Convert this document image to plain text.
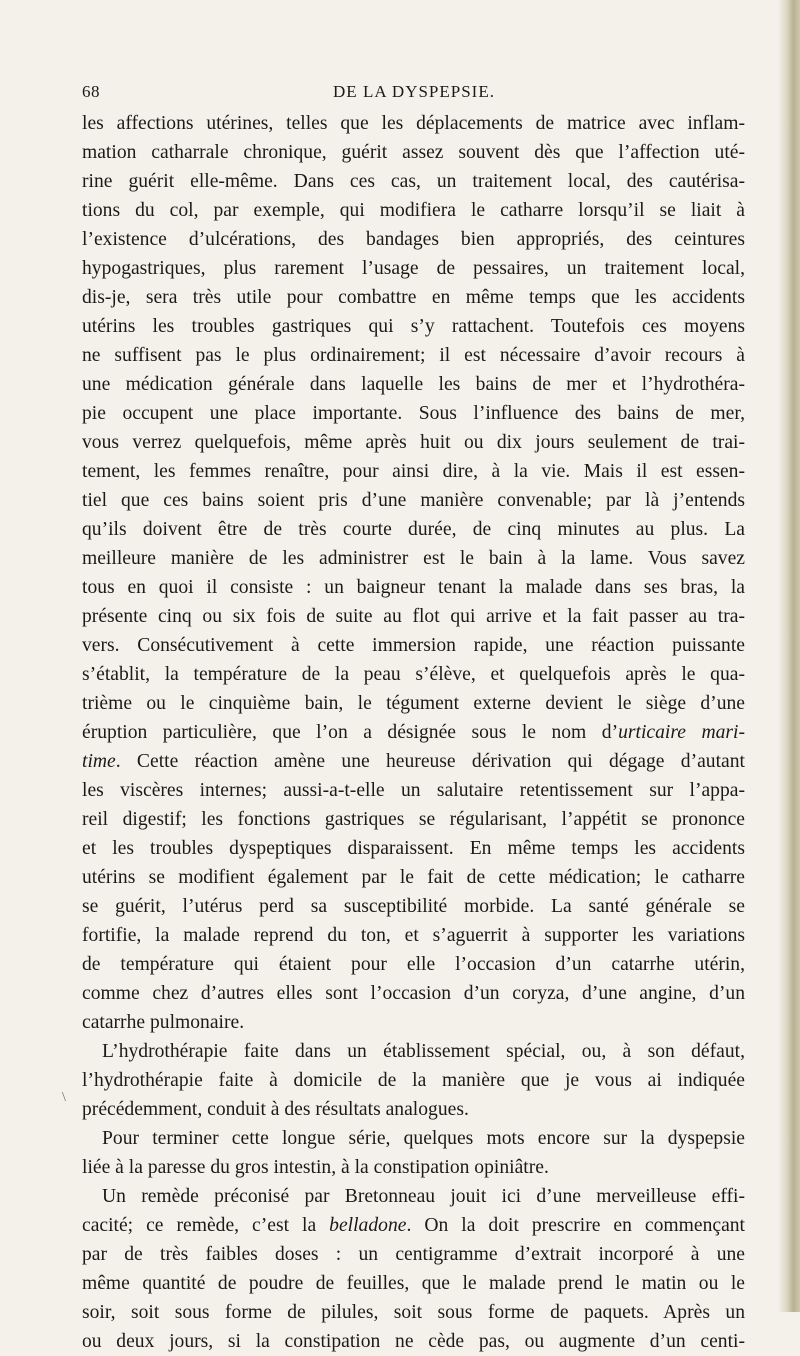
68	DE LA DYSPEPSIE.
les affections utérines, telles que les déplacements de matrice avec inflam-
mation catharrale chronique, guérit assez souvent dès que l’affection uté-
rine guérit elle-même. Dans ces cas, un traitement local, des cautérisa-
tions du col, par exemple, qui modifiera le catharre lorsqu’il se liait à
l’existence d’ulcérations, des bandages bien appropriés, des ceintures
hypogastriques, plus rarement l’usage de pessaires, un traitement local,
dis-je, sera très utile pour combattre en même temps que les accidents
utérins les troubles gastriques qui s’y rattachent. Toutefois ces moyens
ne suffisent pas le plus ordinairement; il est nécessaire d’avoir recours à
une médication générale dans laquelle les bains de mer et l’hydrothéra-
pie occupent une place importante. Sous l’influence des bains de mer,
vous verrez quelquefois, même après huit ou dix jours seulement de trai-
tement, les femmes renaître, pour ainsi dire, à la vie. Mais il est essen-
tiel que ces bains soient pris d’une manière convenable; par là j’entends
qu’ils doivent être de très courte durée, de cinq minutes au plus. La
meilleure manière de les administrer est le bain à la lame. Vous savez
tous en quoi il consiste : un baigneur tenant la malade dans ses bras, la
présente cinq ou six fois de suite au flot qui arrive et la fait passer au tra-
vers. Consécutivement à cette immersion rapide, une réaction puissante
s’établit, la température de la peau s’élève, et quelquefois après le qua-
trième ou le cinquième bain, le tégument externe devient le siège d’une
éruption particulière, que l’on a désignée sous le nom d’urticaire mari-
time. Cette réaction amène une heureuse dérivation qui dégage d’autant
les viscères internes; aussi-a-t-elle un salutaire retentissement sur l’appa-
reil digestif; les fonctions gastriques se régularisant, l’appétit se prononce
et les troubles dyspeptiques disparaissent. En même temps les accidents
utérins se modifient également par le fait de cette médication; le catharre
se guérit, l’utérus perd sa susceptibilité morbide. La santé générale se
fortifie, la malade reprend du ton, et s’aguerrit à supporter les variations
de température qui étaient pour elle l’occasion d’un catarrhe utérin,
comme chez d’autres elles sont l’occasion d’un coryza, d’une angine, d’un
catarrhe pulmonaire.
L’hydrothérapie faite dans un établissement spécial, ou, à son défaut,
l’hydrothérapie faite à domicile de la manière que je vous ai indiquée
précédemment, conduit à des résultats analogues.
Pour terminer cette longue série, quelques mots encore sur la dyspepsie
liée à la paresse du gros intestin, à la constipation opiniâtre.
Un remède préconisé par Bretonneau jouit ici d’une merveilleuse effi-
cacité; ce remède, c’est la belladone. On la doit prescrire en commençant
par de très faibles doses : un centigramme d’extrait incorporé à une
même quantité de poudre de feuilles, que le malade prend le matin ou le
soir, soit sous forme de pilules, soit sous forme de paquets. Après un
ou deux jours, si la constipation ne cède pas, ou augmente d’un centi-
\
